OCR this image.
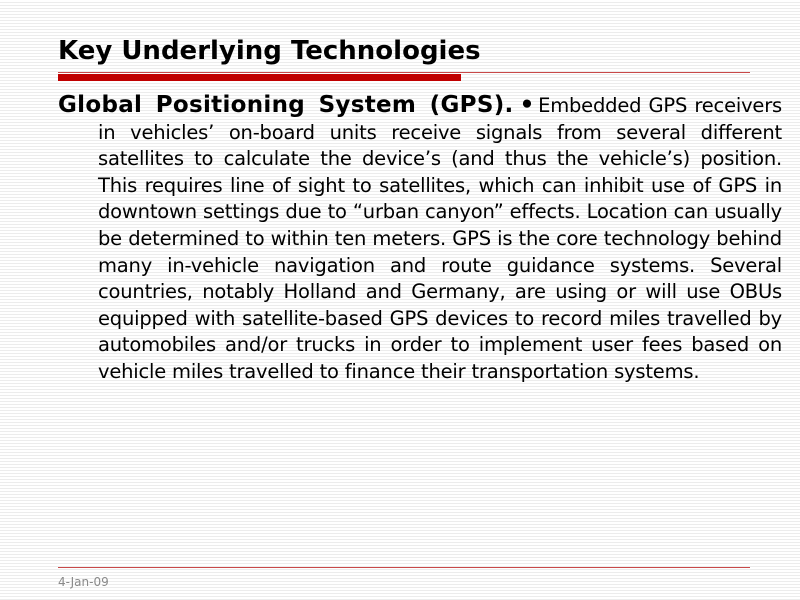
Key Underlying Technologies

Global Positioning System (GPS). • Embedded GPS receivers in vehicles’ on-board units receive signals from several different satellites to calculate the device’s (and thus the vehicle’s) position. This requires line of sight to satellites, which can inhibit use of GPS in downtown settings due to “urban canyon” effects. Location can usually be determined to within ten meters. GPS is the core technology behind many in-vehicle navigation and route guidance systems. Several countries, notably Holland and Germany, are using or will use OBUs equipped with satellite-based GPS devices to record miles travelled by automobiles and/or trucks in order to implement user fees based on vehicle miles travelled to finance their transportation systems.

4-Jan-09
